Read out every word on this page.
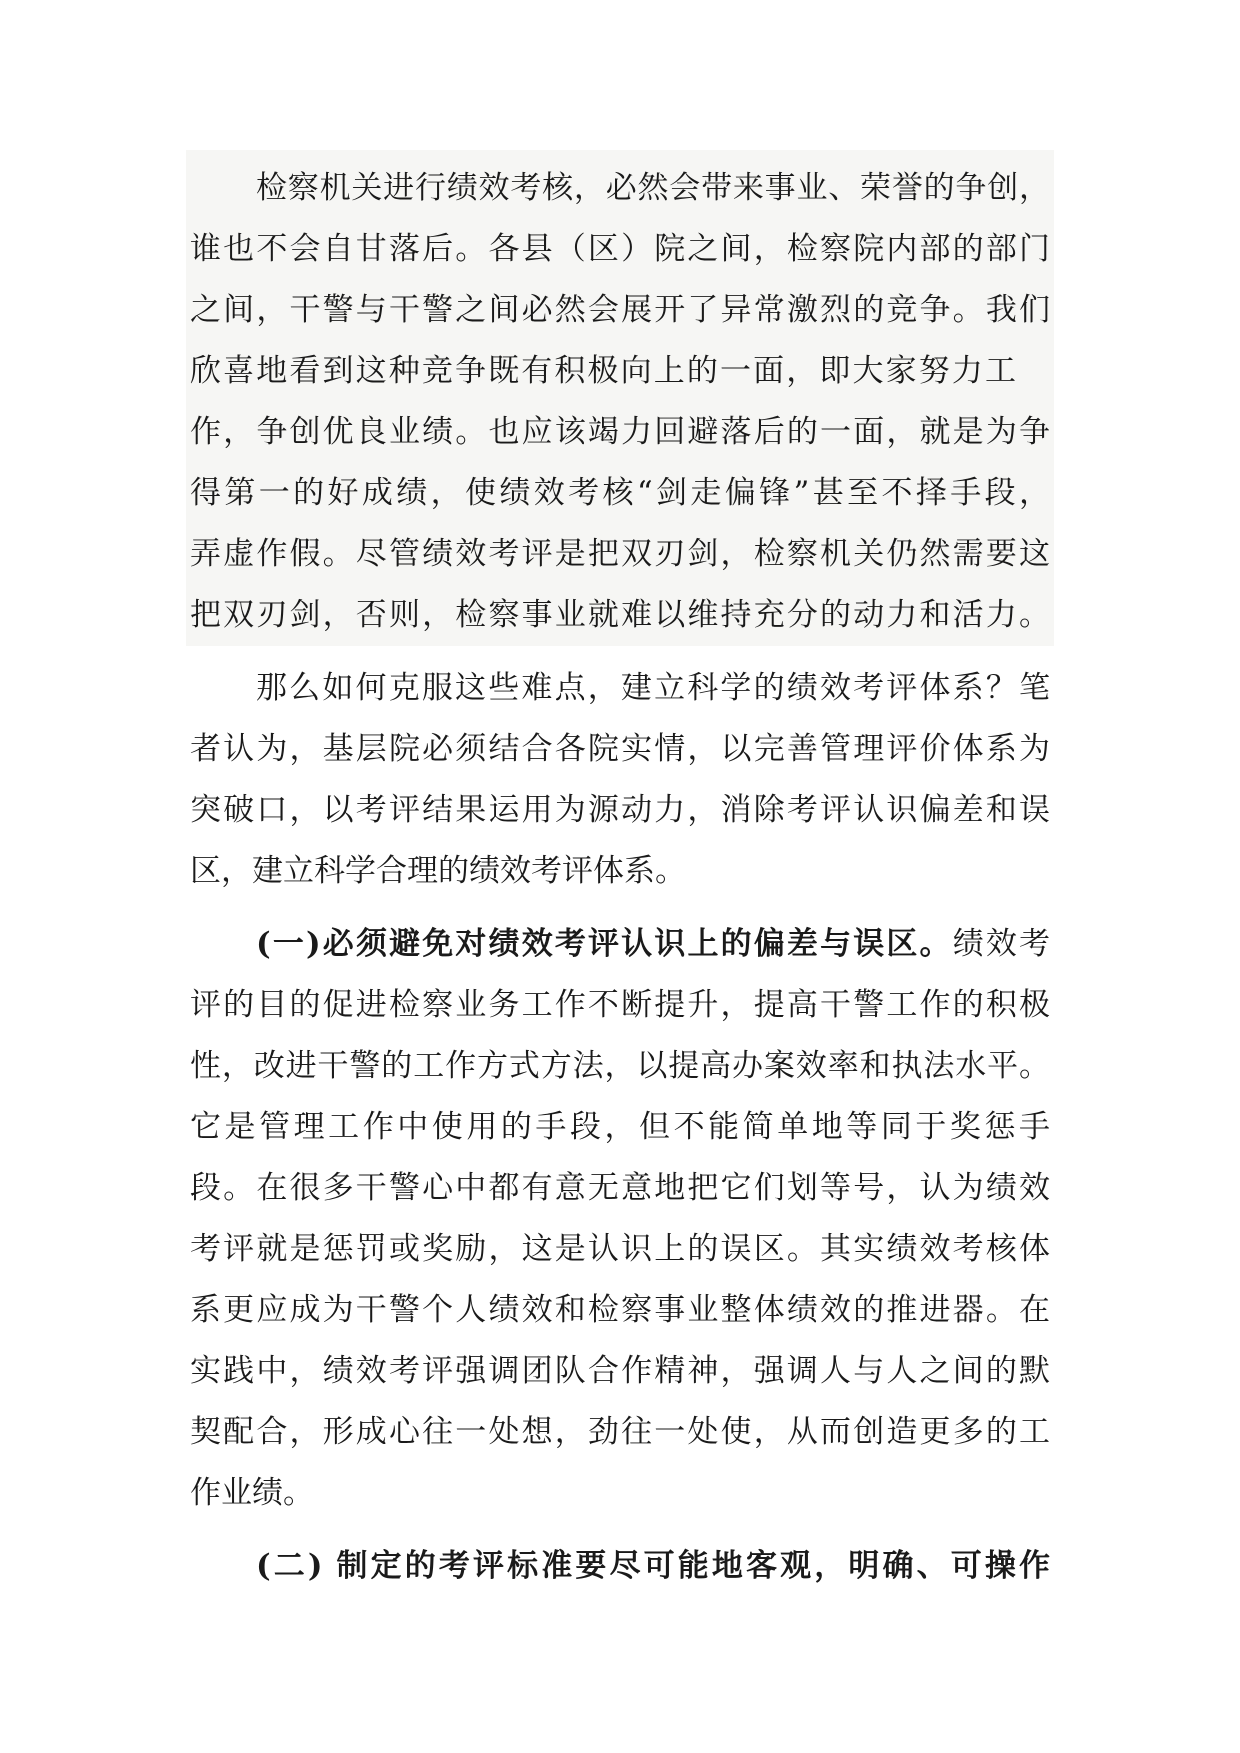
检察机关进行绩效考核，必然会带来事业、荣誉的争创，
谁也不会自甘落后。各县（区）院之间，检察院内部的部门
之间，干警与干警之间必然会展开了异常激烈的竞争。我们
欣喜地看到这种竞争既有积极向上的一面，即大家努力工
作，争创优良业绩。也应该竭力回避落后的一面，就是为争
得第一的好成绩，使绩效考核“剑走偏锋”甚至不择手段，
弄虚作假。尽管绩效考评是把双刃剑，检察机关仍然需要这
把双刃剑，否则，检察事业就难以维持充分的动力和活力。
那么如何克服这些难点，建立科学的绩效考评体系？笔
者认为，基层院必须结合各院实情，以完善管理评价体系为
突破口，以考评结果运用为源动力，消除考评认识偏差和误
区，建立科学合理的绩效考评体系。
(一)必须避免对绩效考评认识上的偏差与误区。绩效考
评的目的促进检察业务工作不断提升，提高干警工作的积极
性，改进干警的工作方式方法，以提高办案效率和执法水平。
它是管理工作中使用的手段，但不能简单地等同于奖惩手
段。在很多干警心中都有意无意地把它们划等号，认为绩效
考评就是惩罚或奖励，这是认识上的误区。其实绩效考核体
系更应成为干警个人绩效和检察事业整体绩效的推进器。在
实践中，绩效考评强调团队合作精神，强调人与人之间的默
契配合，形成心往一处想，劲往一处使，从而创造更多的工
作业绩。
(二) 制定的考评标准要尽可能地客观，明确、可操作
